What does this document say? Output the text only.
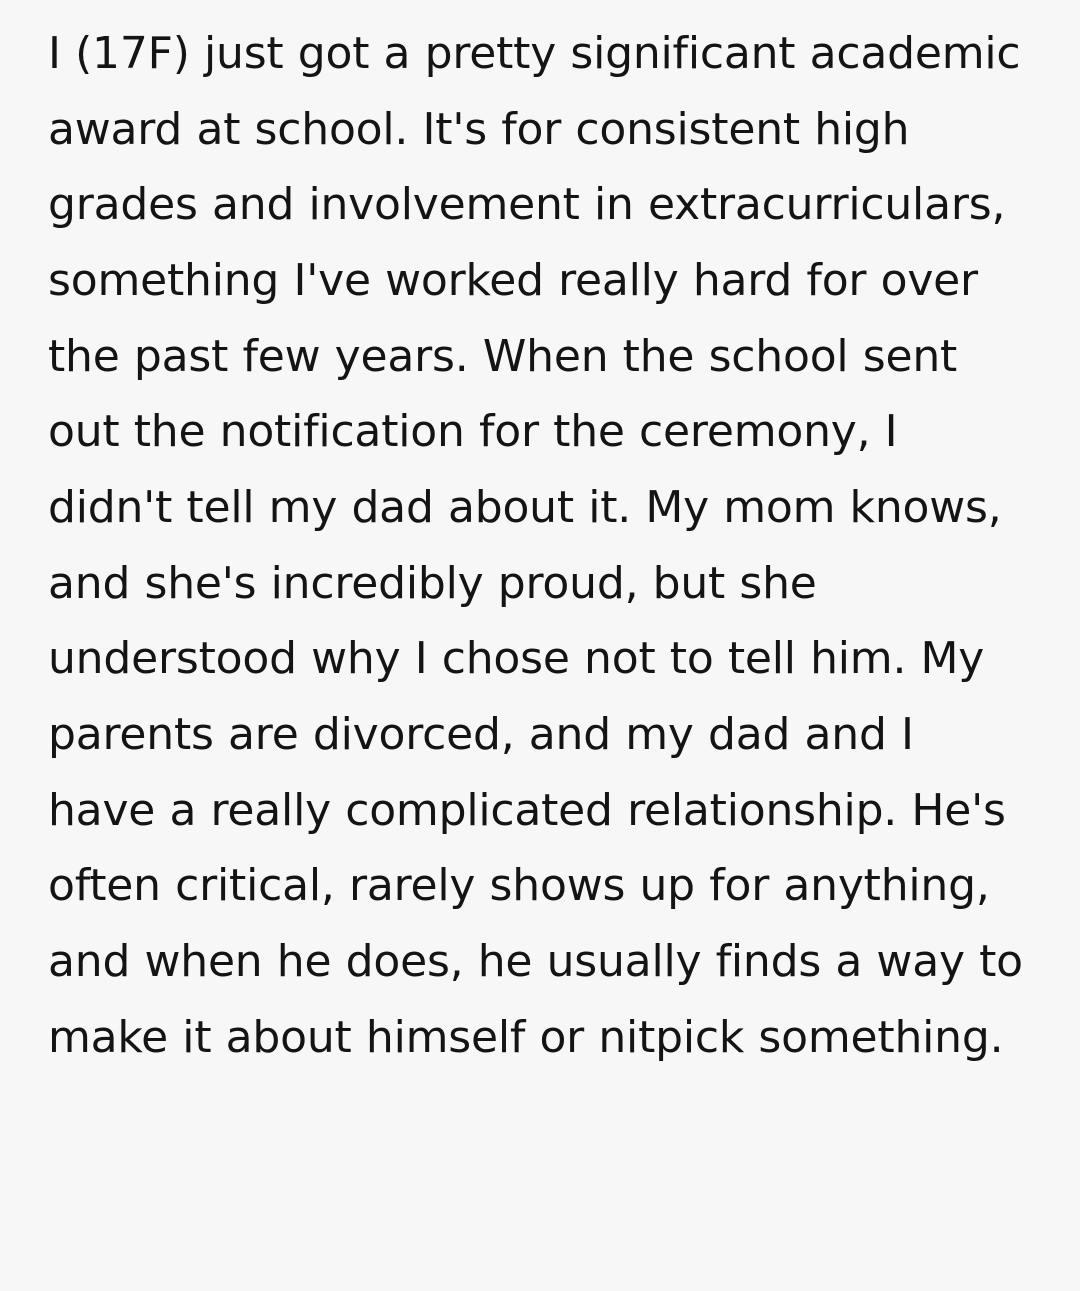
I (17F) just got a pretty significant academic award at school. It's for consistent high grades and involvement in extracurriculars, something I've worked really hard for over the past few years. When the school sent out the notification for the ceremony, I didn't tell my dad about it. My mom knows, and she's incredibly proud, but she understood why I chose not to tell him. My parents are divorced, and my dad and I have a really complicated relationship. He's often critical, rarely shows up for anything, and when he does, he usually finds a way to make it about himself or nitpick something.
